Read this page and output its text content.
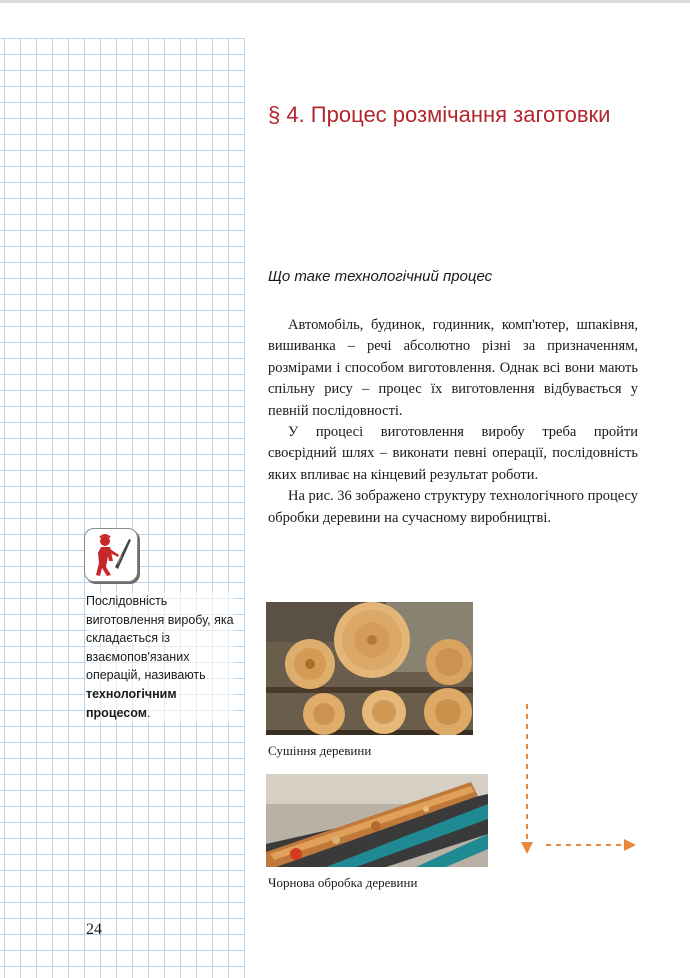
§ 4. Процес розмічання заготовки
Що таке технологічний процес

Автомобіль, будинок, годинник, комп'ютер, шпаківня, вишиванка – речі абсолютно різні за призначенням, розмірами і способом виготовлення. Однак всі вони мають спільну рису – процес їх виготовлення відбувається у певній послідовності.

У процесі виготовлення виробу треба пройти своєрідний шлях – виконати певні операції, послідовність яких впливає на кінцевий результат роботи.

На рис. 36 зображено структуру технологічного процесу обробки деревини на сучасному виробництві.

Послідовність виготовлення виробу, яка складається із взаємопов'язаних операцій, називають технологічним процесом.

Сушіння деревини

Чорнова обробка деревини

24
